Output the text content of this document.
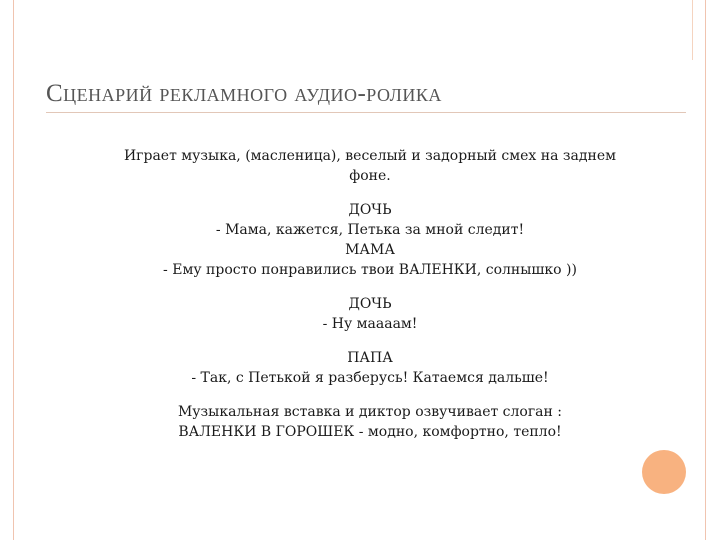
Сценарий рекламного аудио-ролика

Играет музыка, (масленица), веселый и задорный смех на заднем

фоне.

ДОЧЬ

- Мама, кажется, Петька за мной следит!

МАМА

- Ему просто понравились твои ВАЛЕНКИ, солнышко ))

ДОЧЬ

- Ну маааам!

ПАПА

- Так, с Петькой я разберусь! Катаемся дальше!

Музыкальная вставка и диктор озвучивает слоган :

ВАЛЕНКИ В ГОРОШЕК - модно, комфортно, тепло!
